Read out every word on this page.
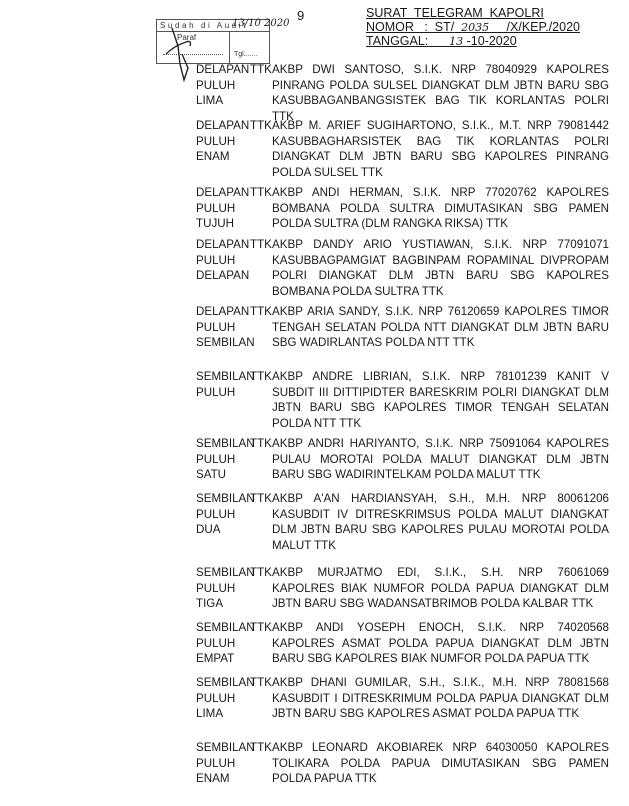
Sudah di Audit
Paraf
Tgl.......
13/10 2020
9	SURAT  TELEGRAM  KAPOLRI
NOMOR   :  ST/ 2035 /X/KEP./2020
TANGGAL: 13 -10-2020
DELAPAN
PULUH
LIMA
TTK AKBP DWI SANTOSO, S.I.K. NRP 78040929 KAPOLRES
PINRANG POLDA SULSEL DIANGKAT DLM JBTN BARU SBG
KASUBBAGANBANGSISTEK BAG TIK KORLANTAS POLRI TTK
DELAPAN
PULUH
ENAM
TTK AKBP M. ARIEF SUGIHARTONO, S.I.K., M.T. NRP 79081442
KASUBBAGHARSISTEK BAG TIK KORLANTAS POLRI
DIANGKAT DLM JBTN BARU SBG KAPOLRES PINRANG
POLDA SULSEL TTK
DELAPAN
PULUH
TUJUH
TTK AKBP ANDI HERMAN, S.I.K. NRP 77020762 KAPOLRES
BOMBANA POLDA SULTRA DIMUTASIKAN SBG PAMEN
POLDA SULTRA (DLM RANGKA RIKSA) TTK
DELAPAN
PULUH
DELAPAN
TTK AKBP DANDY ARIO YUSTIAWAN, S.I.K. NRP 77091071
KASUBBAGPAMGIAT BAGBINPAM ROPAMINAL DIVPROPAM
POLRI DIANGKAT DLM JBTN BARU SBG KAPOLRES
BOMBANA POLDA SULTRA TTK
DELAPAN
PULUH
SEMBILAN
TTK AKBP ARIA SANDY, S.I.K. NRP 76120659 KAPOLRES TIMOR
TENGAH SELATAN POLDA NTT DIANGKAT DLM JBTN BARU
SBG WADIRLANTAS POLDA NTT TTK
SEMBILAN
PULUH
TTK AKBP ANDRE LIBRIAN, S.I.K. NRP 78101239 KANIT V
SUBDIT III DITTIPIDTER BARESKRIM POLRI DIANGKAT DLM
JBTN BARU SBG KAPOLRES TIMOR TENGAH SELATAN
POLDA NTT TTK
SEMBILAN
PULUH
SATU
TTK AKBP ANDRI HARIYANTO, S.I.K. NRP 75091064 KAPOLRES
PULAU MOROTAI POLDA MALUT DIANGKAT DLM JBTN
BARU SBG WADIRINTELKAM POLDA MALUT TTK
SEMBILAN
PULUH
DUA
TTK AKBP A'AN HARDIANSYAH, S.H., M.H. NRP 80061206
KASUBDIT IV DITRESKRIMSUS POLDA MALUT DIANGKAT
DLM JBTN BARU SBG KAPOLRES PULAU MOROTAI POLDA
MALUT TTK
SEMBILAN
PULUH
TIGA
TTK AKBP MURJATMO EDI, S.I.K., S.H. NRP 76061069
KAPOLRES BIAK NUMFOR POLDA PAPUA DIANGKAT DLM
JBTN BARU SBG WADANSATBRIMOB POLDA KALBAR TTK
SEMBILAN
PULUH
EMPAT
TTK AKBP ANDI YOSEPH ENOCH, S.I.K. NRP 74020568
KAPOLRES ASMAT POLDA PAPUA DIANGKAT DLM JBTN
BARU SBG KAPOLRES BIAK NUMFOR POLDA PAPUA TTK
SEMBILAN
PULUH
LIMA
TTK AKBP DHANI GUMILAR, S.H., S.I.K., M.H. NRP 78081568
KASUBDIT I DITRESKRIMUM POLDA PAPUA DIANGKAT DLM
JBTN BARU SBG KAPOLRES ASMAT POLDA PAPUA TTK
SEMBILAN
PULUH
ENAM
TTK AKBP LEONARD AKOBIAREK NRP 64030050 KAPOLRES
TOLIKARA POLDA PAPUA DIMUTASIKAN SBG PAMEN
POLDA PAPUA TTK
